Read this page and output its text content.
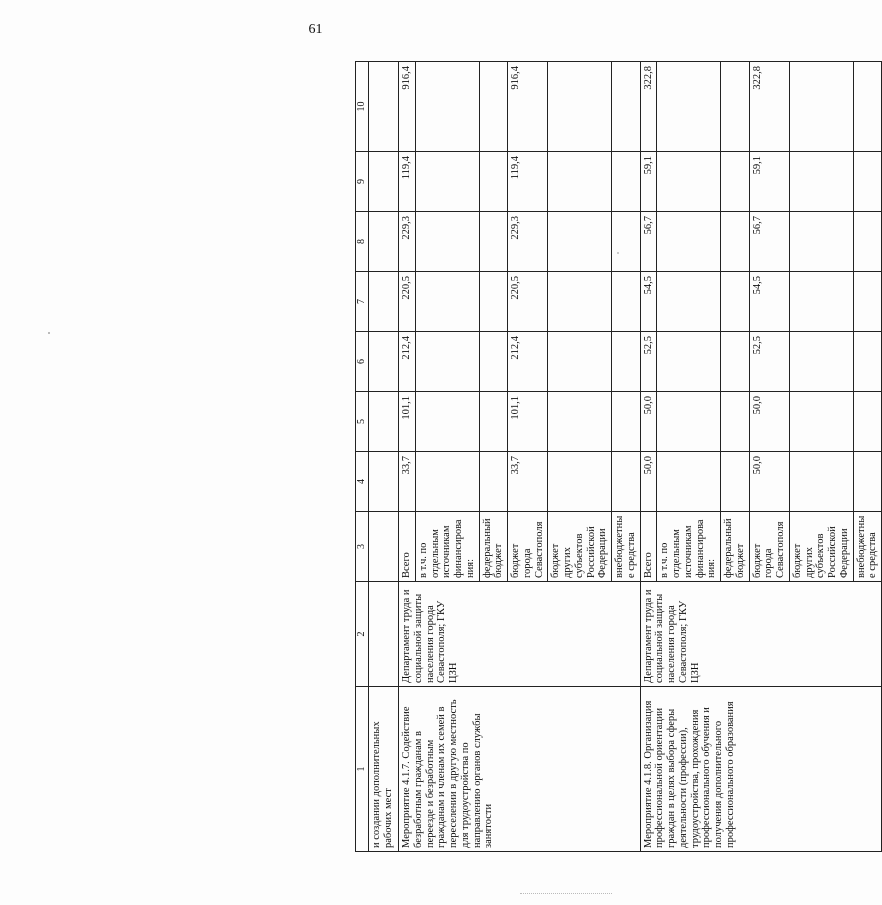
61
1	2	3	4	5	6	7	8	9	10
и создании дополнительных рабочих мест									
Мероприятие 4.1.7. Содействие безработным гражданам в переезде и безработным гражданам и членам их семей в переселении в другую местность для трудоустройства по направлению органов службы занятости	Департамент труда и социальной защиты населения города Севастополя; ГКУ ЦЗН	Всего	33,7	101,1	212,4	220,5	229,3	119,4	916,4
		в т.ч. по отдельным источникам финансирования:							
		федеральный бюджет							
		бюджет города Севастополя	33,7	101,1	212,4	220,5	229,3	119,4	916,4
		бюджет других субъектов Российской Федерации							
		внебюджетные средства							
Мероприятие 4.1.8. Организация профессиональной ориентации граждан в целях выбора сферы деятельности (профессии), трудоустройства, прохождения профессионального обучения и получения дополнительного профессионального образования	Департамент труда и социальной защиты населения города Севастополя; ГКУ ЦЗН	Всего	50,0	50,0	52,5	54,5	56,7	59,1	322,8
		в т.ч. по отдельным источникам финансирования:							
		федеральный бюджет							
		бюджет города Севастополя	50,0	50,0	52,5	54,5	56,7	59,1	322,8
		бюджет других субъектов Российской Федерации							
		внебюджетные средства							
